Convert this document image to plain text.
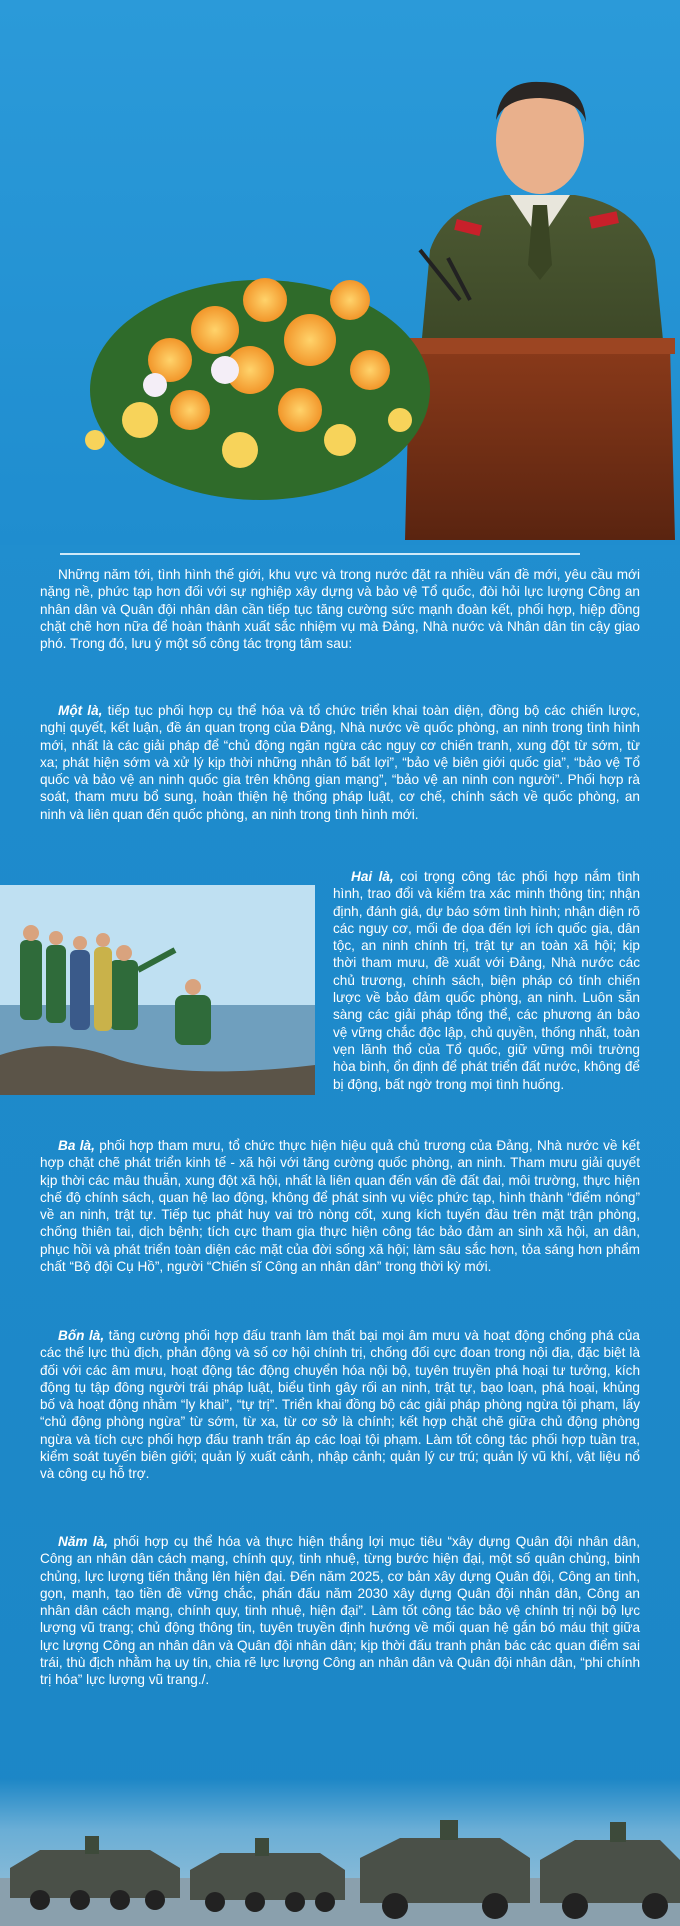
Những năm tới, tình hình thế giới, khu vực và trong nước đặt ra nhiều vấn đề mới, yêu cầu mới nặng nề, phức tạp hơn đối với sự nghiệp xây dựng và bảo vệ Tổ quốc, đòi hỏi lực lượng Công an nhân dân và Quân đội nhân dân cần tiếp tục tăng cường sức mạnh đoàn kết, phối hợp, hiệp đồng chặt chẽ hơn nữa để hoàn thành xuất sắc nhiệm vụ mà Đảng, Nhà nước và Nhân dân tin cậy giao phó. Trong đó, lưu ý một số công tác trọng tâm sau:

Một là, tiếp tục phối hợp cụ thể hóa và tổ chức triển khai toàn diện, đồng bộ các chiến lược, nghị quyết, kết luận, đề án quan trọng của Đảng, Nhà nước về quốc phòng, an ninh trong tình hình mới, nhất là các giải pháp để “chủ động ngăn ngừa các nguy cơ chiến tranh, xung đột từ sớm, từ xa; phát hiện sớm và xử lý kịp thời những nhân tố bất lợi”, “bảo vệ biên giới quốc gia”, “bảo vệ Tổ quốc và bảo vệ an ninh quốc gia trên không gian mạng”, “bảo vệ an ninh con người”. Phối hợp rà soát, tham mưu bổ sung, hoàn thiện hệ thống pháp luật, cơ chế, chính sách về quốc phòng, an ninh và liên quan đến quốc phòng, an ninh trong tình hình mới.

Hai là, coi trọng công tác phối hợp nắm tình hình, trao đổi và kiểm tra xác minh thông tin; nhận định, đánh giá, dự báo sớm tình hình; nhận diện rõ các nguy cơ, mối đe dọa đến lợi ích quốc gia, dân tộc, an ninh chính trị, trật tự an toàn xã hội; kịp thời tham mưu, đề xuất với Đảng, Nhà nước các chủ trương, chính sách, biện pháp có tính chiến lược về bảo đảm quốc phòng, an ninh. Luôn sẵn sàng các giải pháp tổng thể, các phương án bảo vệ vững chắc độc lập, chủ quyền, thống nhất, toàn vẹn lãnh thổ của Tổ quốc, giữ vững môi trường hòa bình, ổn định để phát triển đất nước, không để bị động, bất ngờ trong mọi tình huống.

Ba là, phối hợp tham mưu, tổ chức thực hiện hiệu quả chủ trương của Đảng, Nhà nước về kết hợp chặt chẽ phát triển kinh tế - xã hội với tăng cường quốc phòng, an ninh. Tham mưu giải quyết kịp thời các mâu thuẫn, xung đột xã hội, nhất là liên quan đến vấn đề đất đai, môi trường, thực hiện chế độ chính sách, quan hệ lao động, không để phát sinh vụ việc phức tạp, hình thành “điểm nóng” về an ninh, trật tự. Tiếp tục phát huy vai trò nòng cốt, xung kích tuyến đầu trên mặt trận phòng, chống thiên tai, dịch bệnh; tích cực tham gia thực hiện công tác bảo đảm an sinh xã hội, an dân, phục hồi và phát triển toàn diện các mặt của đời sống xã hội; làm sâu sắc hơn, tỏa sáng hơn phẩm chất “Bộ đội Cụ Hồ”, người “Chiến sĩ Công an nhân dân” trong thời kỳ mới.

Bốn là, tăng cường phối hợp đấu tranh làm thất bại mọi âm mưu và hoạt động chống phá của các thế lực thù địch, phản động và số cơ hội chính trị, chống đối cực đoan trong nội địa, đặc biệt là đối với các âm mưu, hoạt động tác động chuyển hóa nội bộ, tuyên truyền phá hoại tư tưởng, kích động tụ tập đông người trái pháp luật, biểu tình gây rối an ninh, trật tự, bạo loạn, phá hoại, khủng bố và hoạt động nhằm “ly khai”, “tự trị”. Triển khai đồng bộ các giải pháp phòng ngừa tội phạm, lấy “chủ động phòng ngừa” từ sớm, từ xa, từ cơ sở là chính; kết hợp chặt chẽ giữa chủ động phòng ngừa và tích cực phối hợp đấu tranh trấn áp các loại tội phạm. Làm tốt công tác phối hợp tuần tra, kiểm soát tuyến biên giới; quản lý xuất cảnh, nhập cảnh; quản lý cư trú; quản lý vũ khí, vật liệu nổ và công cụ hỗ trợ.

Năm là, phối hợp cụ thể hóa và thực hiện thắng lợi mục tiêu “xây dựng Quân đội nhân dân, Công an nhân dân cách mạng, chính quy, tinh nhuệ, từng bước hiện đại, một số quân chủng, binh chủng, lực lượng tiến thẳng lên hiện đại. Đến năm 2025, cơ bản xây dựng Quân đội, Công an tinh, gọn, mạnh, tạo tiền đề vững chắc, phấn đấu năm 2030 xây dựng Quân đội nhân dân, Công an nhân dân cách mạng, chính quy, tinh nhuệ, hiện đại”. Làm tốt công tác bảo vệ chính trị nội bộ lực lượng vũ trang; chủ động thông tin, tuyên truyền định hướng về mối quan hệ gắn bó máu thịt giữa lực lượng Công an nhân dân và Quân đội nhân dân; kịp thời đấu tranh phản bác các quan điểm sai trái, thù địch nhằm hạ uy tín, chia rẽ lực lượng Công an nhân dân và Quân đội nhân dân, “phi chính trị hóa” lực lượng vũ trang./.
